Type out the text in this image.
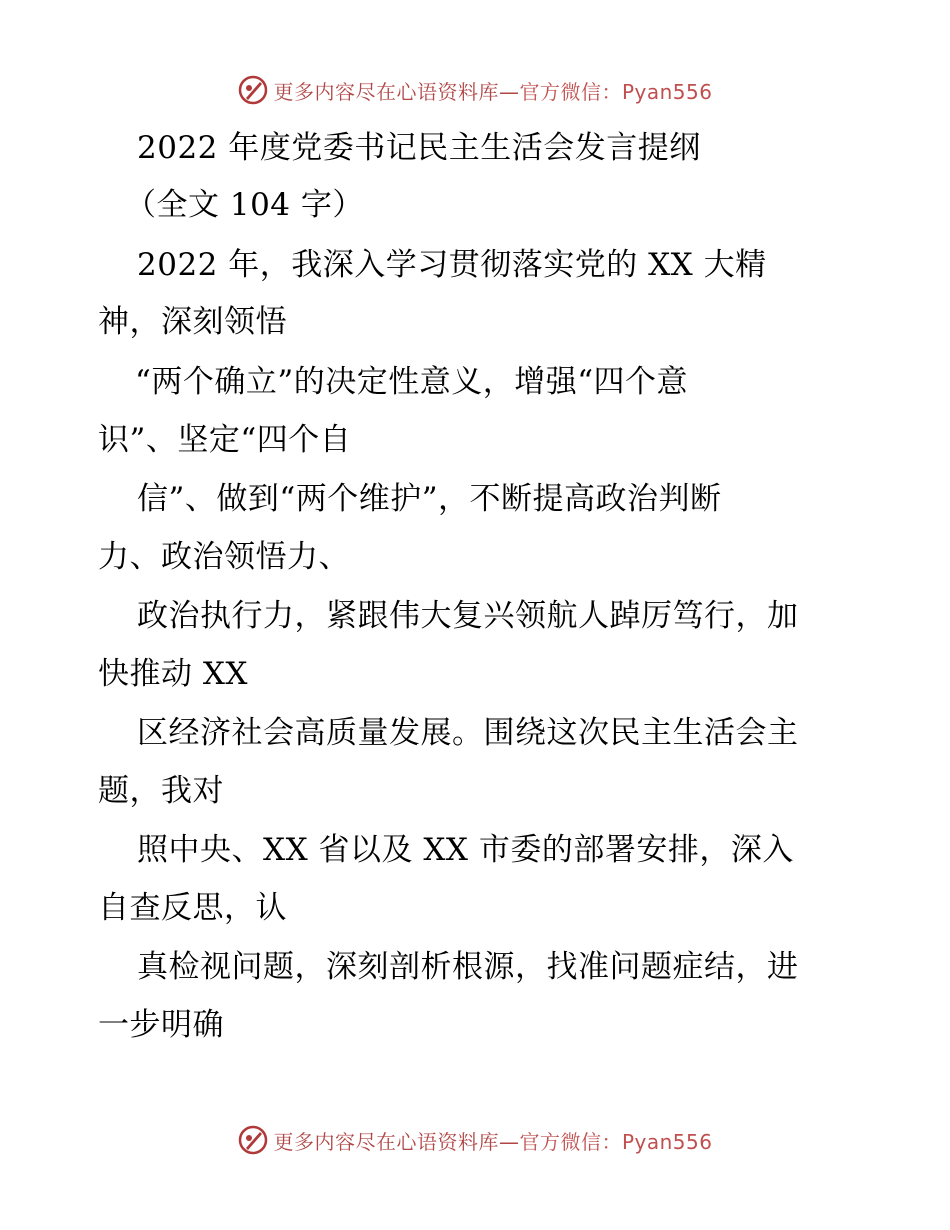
更多内容尽在心语资料库—官方微信：Pyan556
2022 年度党委书记民主生活会发言提纲
（全文 104 字）
2022 年，我深入学习贯彻落实党的 XX 大精
神，深刻领悟
“两个确立”的决定性意义，增强“四个意
识”、坚定“四个自
信”、做到“两个维护”，不断提高政治判断
力、政治领悟力、
政治执行力，紧跟伟大复兴领航人踔厉笃行，加
快推动 XX
区经济社会高质量发展。围绕这次民主生活会主
题，我对
照中央、XX 省以及 XX 市委的部署安排，深入
自查反思，认
真检视问题，深刻剖析根源，找准问题症结，进
一步明确
更多内容尽在心语资料库—官方微信：Pyan556
